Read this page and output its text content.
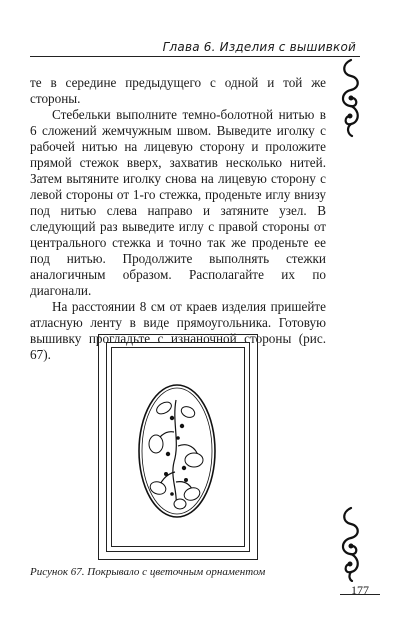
Глава 6. Изделия с вышивкой

те в середине предыдущего с одной и той же стороны.

Стебельки выполните темно-болотной нитью в 6 сложений жемчужным швом. Выведите иголку с рабочей нитью на лицевую сторону и проложите прямой стежок вверх, захватив несколько нитей. Затем вытяните иголку снова на лицевую сторону с левой стороны от 1-го стежка, проденьте иглу внизу под нитью слева направо и затяните узел. В следующий раз выведите иглу с правой стороны от центрального стежка и точно так же проденьте ее под нитью. Продолжите выполнять стежки аналогичным образом. Располагайте их по диагонали.

На расстоянии 8 см от краев изделия пришейте атласную ленту в виде прямоугольника. Готовую вышивку прогладьте с изнаночной стороны (рис. 67).

Рисунок 67. Покрывало с цветочным орнаментом
177
